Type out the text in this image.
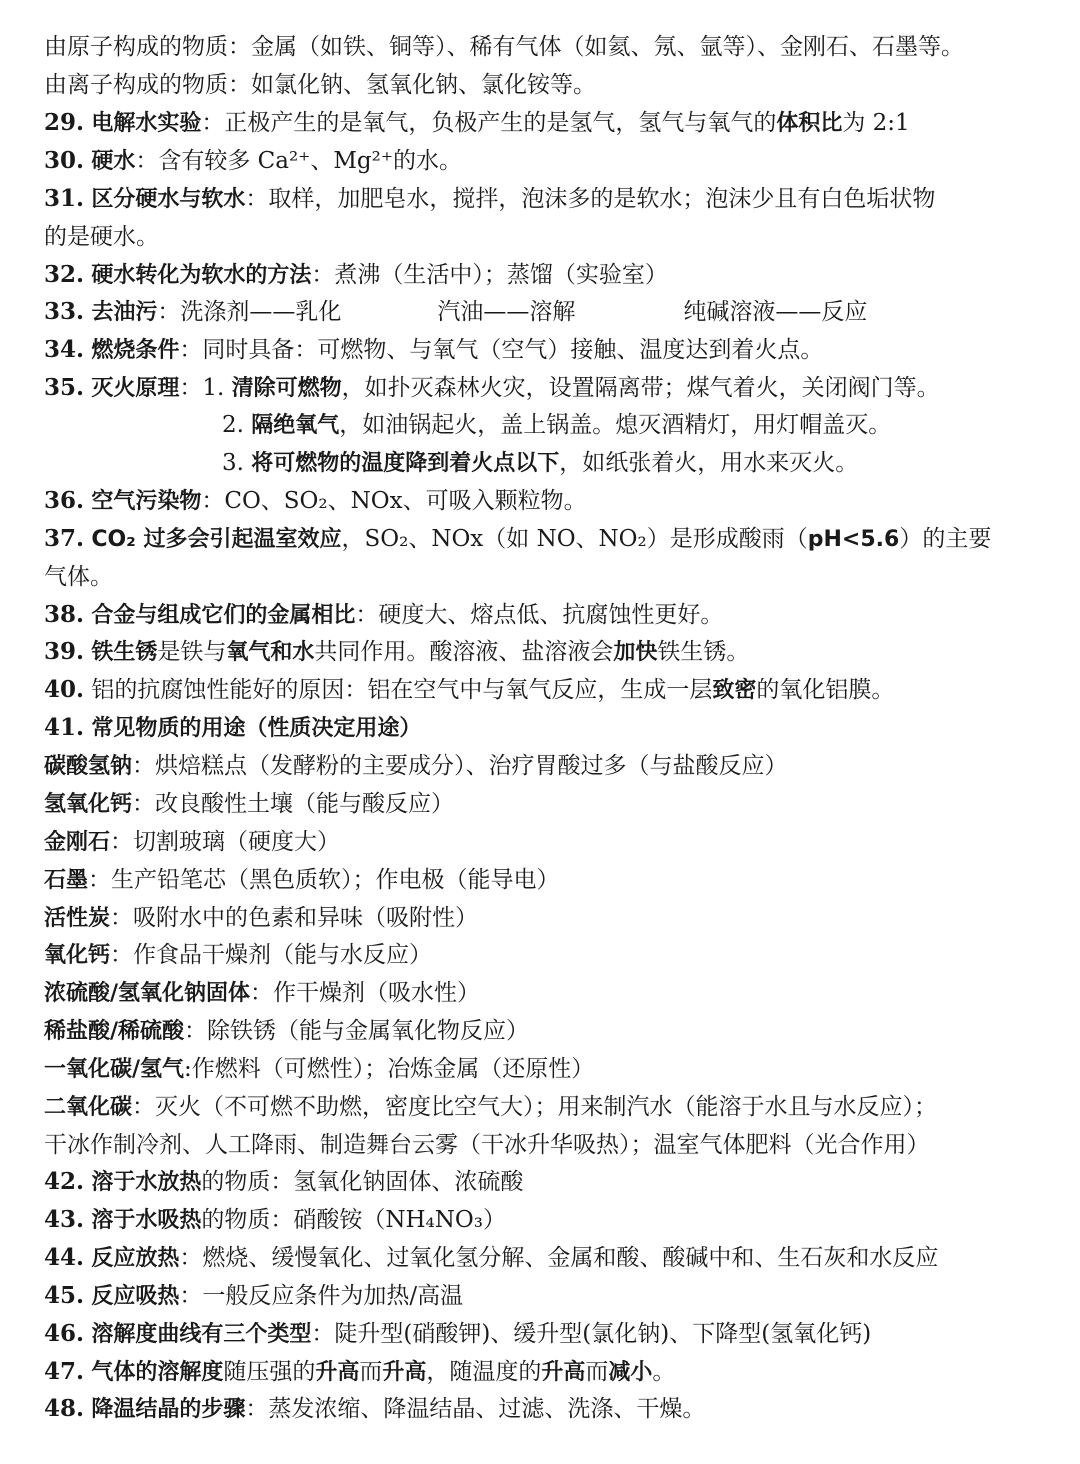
由原子构成的物质：金属（如铁、铜等）、稀有气体（如氦、氖、氩等）、金刚石、石墨等。
由离子构成的物质：如氯化钠、氢氧化钠、氯化铵等。
29. 电解水实验：正极产生的是氧气，负极产生的是氢气，氢气与氧气的体积比为 2:1
30. 硬水：含有较多 Ca²⁺、Mg²⁺的水。
31. 区分硬水与软水：取样，加肥皂水，搅拌，泡沫多的是软水；泡沫少且有白色垢状物
的是硬水。
32. 硬水转化为软水的方法：煮沸（生活中）；蒸馏（实验室）
33. 去油污：洗涤剂——乳化	汽油——溶解	纯碱溶液——反应
34. 燃烧条件：同时具备：可燃物、与氧气（空气）接触、温度达到着火点。
35. 灭火原理：1. 清除可燃物，如扑灭森林火灾，设置隔离带；煤气着火，关闭阀门等。
2. 隔绝氧气，如油锅起火，盖上锅盖。熄灭酒精灯，用灯帽盖灭。
3. 将可燃物的温度降到着火点以下，如纸张着火，用水来灭火。
36. 空气污染物：CO、SO₂、NOx、可吸入颗粒物。
37. CO₂ 过多会引起温室效应，SO₂、NOx（如 NO、NO₂）是形成酸雨（pH<5.6）的主要
气体。
38. 合金与组成它们的金属相比：硬度大、熔点低、抗腐蚀性更好。
39. 铁生锈是铁与氧气和水共同作用。酸溶液、盐溶液会加快铁生锈。
40. 铝的抗腐蚀性能好的原因：铝在空气中与氧气反应，生成一层致密的氧化铝膜。
41. 常见物质的用途（性质决定用途）
碳酸氢钠：烘焙糕点（发酵粉的主要成分）、治疗胃酸过多（与盐酸反应）
氢氧化钙：改良酸性土壤（能与酸反应）
金刚石：切割玻璃（硬度大）
石墨：生产铅笔芯（黑色质软）；作电极（能导电）
活性炭：吸附水中的色素和异味（吸附性）
氧化钙：作食品干燥剂（能与水反应）
浓硫酸/氢氧化钠固体：作干燥剂（吸水性）
稀盐酸/稀硫酸：除铁锈（能与金属氧化物反应）
一氧化碳/氢气:作燃料（可燃性）；冶炼金属（还原性）
二氧化碳：灭火（不可燃不助燃，密度比空气大）；用来制汽水（能溶于水且与水反应）；
干冰作制冷剂、人工降雨、制造舞台云雾（干冰升华吸热）；温室气体肥料（光合作用）
42. 溶于水放热的物质：氢氧化钠固体、浓硫酸
43. 溶于水吸热的物质：硝酸铵（NH₄NO₃）
44. 反应放热：燃烧、缓慢氧化、过氧化氢分解、金属和酸、酸碱中和、生石灰和水反应
45. 反应吸热：一般反应条件为加热/高温
46. 溶解度曲线有三个类型：陡升型(硝酸钾)、缓升型(氯化钠)、下降型(氢氧化钙)
47. 气体的溶解度随压强的升高而升高，随温度的升高而减小。
48. 降温结晶的步骤：蒸发浓缩、降温结晶、过滤、洗涤、干燥。
